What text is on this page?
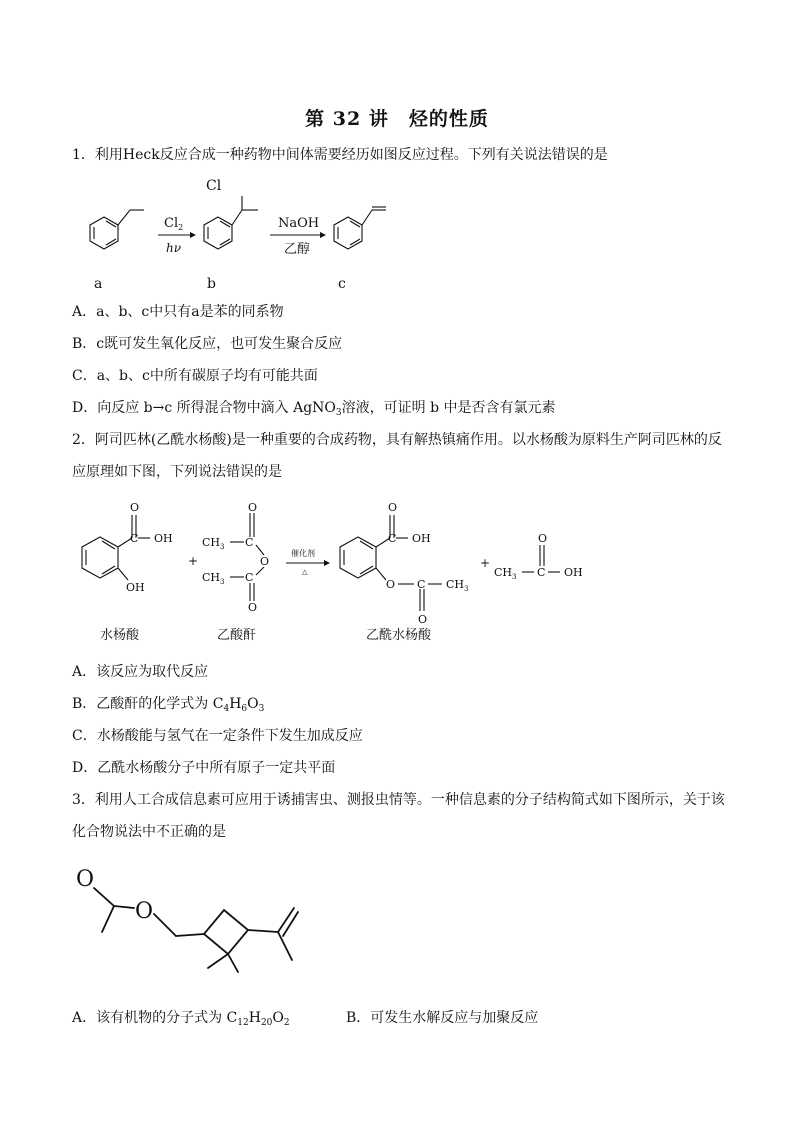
第 32 讲　烃的性质
1．利用Heck反应合成一种药物中间体需要经历如图反应过程。下列有关说法错误的是
$Cl_2$
hν
Cl
NaOH
乙醇
a	b	c
A．a、b、c中只有a是苯的同系物
B．c既可发生氧化反应，也可发生聚合反应
C．a、b、c中所有碳原子均有可能共面
D．向反应 b→c 所得混合物中滴入 AgNO$_3$溶液，可证明 b 中是否含有氯元素
2．阿司匹林(乙酰水杨酸)是一种重要的合成药物，具有解热镇痛作用。以水杨酸为原料生产阿司匹林的反
应原理如下图，下列说法错误的是
O
C OH
OH
+
O
$CH_3$ C
O
$CH_3$ C
O
催化剂
△
O
C OH
O C
O
$CH_3$
+
O
$CH_3$ C OH
水杨酸	乙酸酐	乙酰水杨酸
A．该反应为取代反应
B．乙酸酐的化学式为 $C_4H_6O_3$
C．水杨酸能与氢气在一定条件下发生加成反应
D．乙酰水杨酸分子中所有原子一定共平面
3．利用人工合成信息素可应用于诱捕害虫、测报虫情等。一种信息素的分子结构简式如下图所示，关于该
化合物说法中不正确的是
O
O
A．该有机物的分子式为 $C_{12}H_{20}O_2$	B．可发生水解反应与加聚反应
